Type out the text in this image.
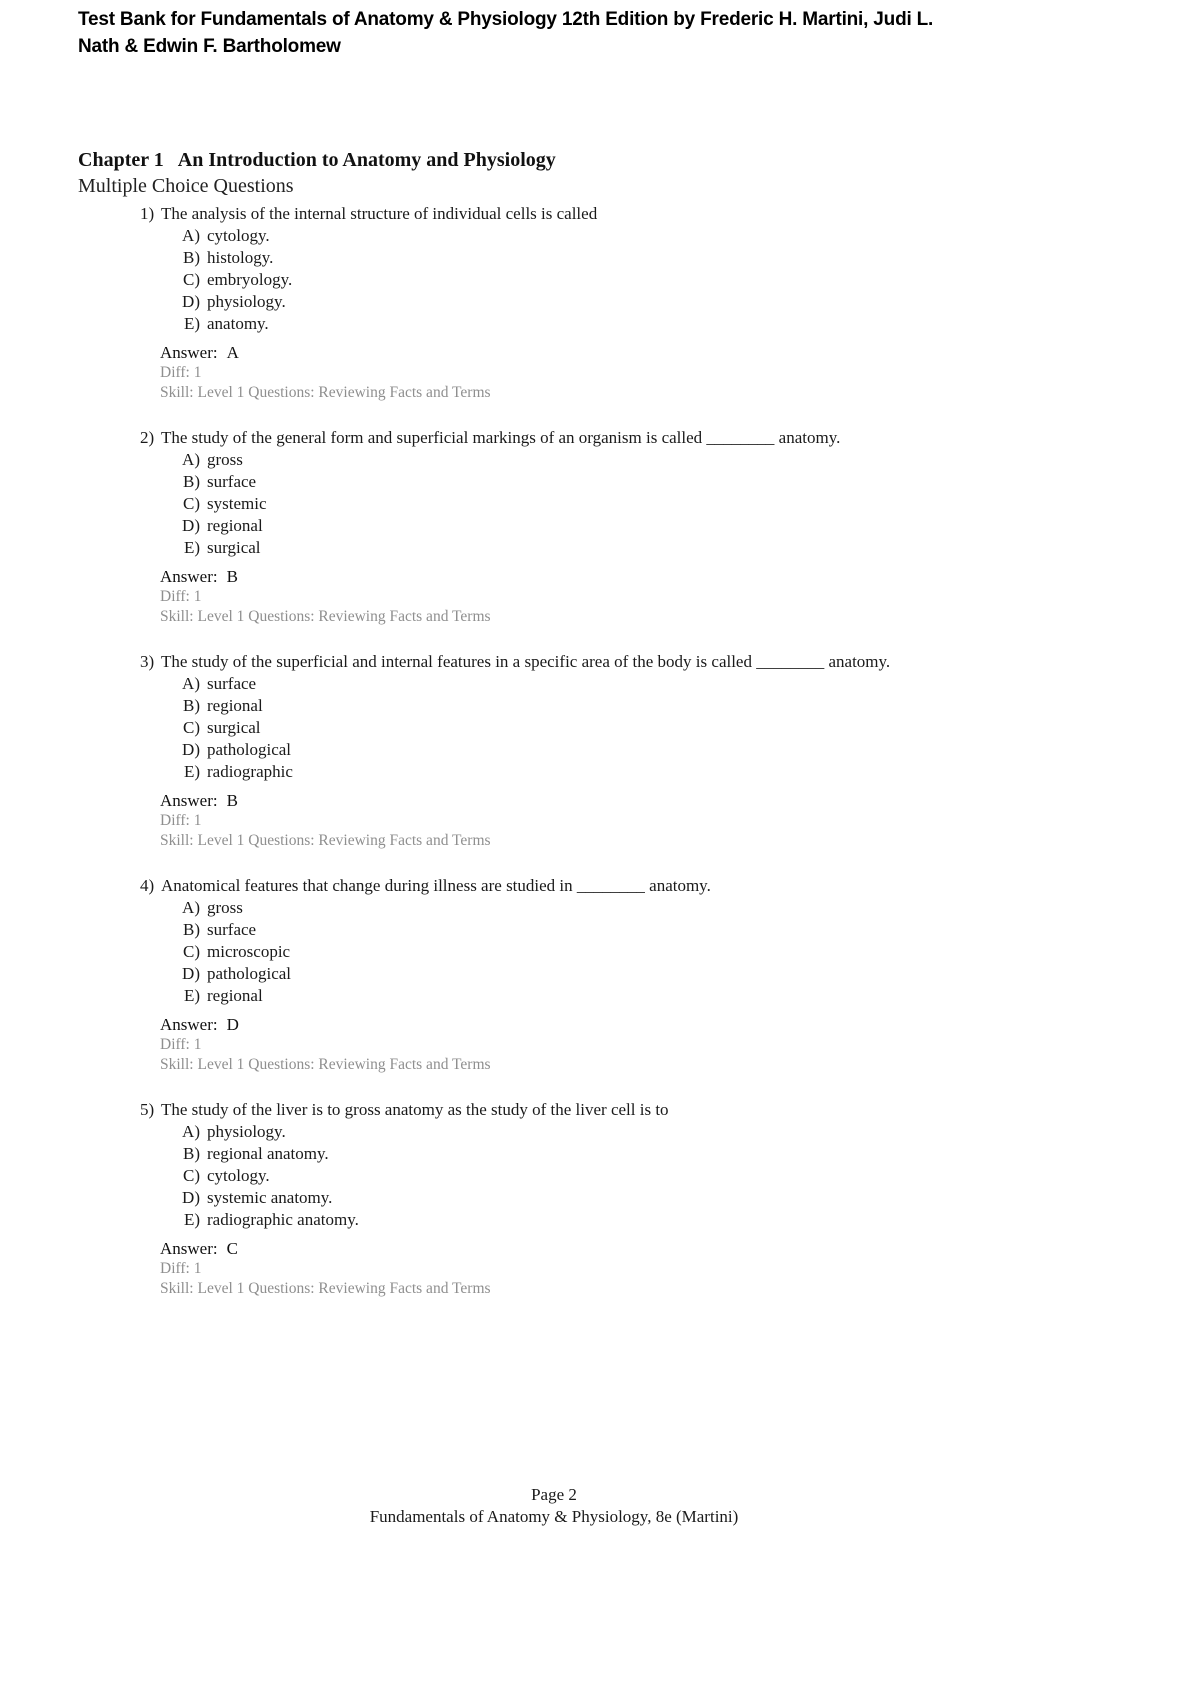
Test Bank for Fundamentals of Anatomy & Physiology 12th Edition by Frederic H. Martini, Judi L.
Nath & Edwin F. Bartholomew
Chapter 1 An Introduction to Anatomy and Physiology
Multiple Choice Questions
1) The analysis of the internal structure of individual cells is called
A) cytology.
B) histology.
C) embryology.
D) physiology.
E) anatomy.
Answer: A
Diff: 1
Skill: Level 1 Questions: Reviewing Facts and Terms
2) The study of the general form and superficial markings of an organism is called ________ anatomy.
A) gross
B) surface
C) systemic
D) regional
E) surgical
Answer: B
Diff: 1
Skill: Level 1 Questions: Reviewing Facts and Terms
3) The study of the superficial and internal features in a specific area of the body is called ________ anatomy.
A) surface
B) regional
C) surgical
D) pathological
E) radiographic
Answer: B
Diff: 1
Skill: Level 1 Questions: Reviewing Facts and Terms
4) Anatomical features that change during illness are studied in ________ anatomy.
A) gross
B) surface
C) microscopic
D) pathological
E) regional
Answer: D
Diff: 1
Skill: Level 1 Questions: Reviewing Facts and Terms
5) The study of the liver is to gross anatomy as the study of the liver cell is to
A) physiology.
B) regional anatomy.
C) cytology.
D) systemic anatomy.
E) radiographic anatomy.
Answer: C
Diff: 1
Skill: Level 1 Questions: Reviewing Facts and Terms
Page 2
Fundamentals of Anatomy & Physiology, 8e (Martini)
